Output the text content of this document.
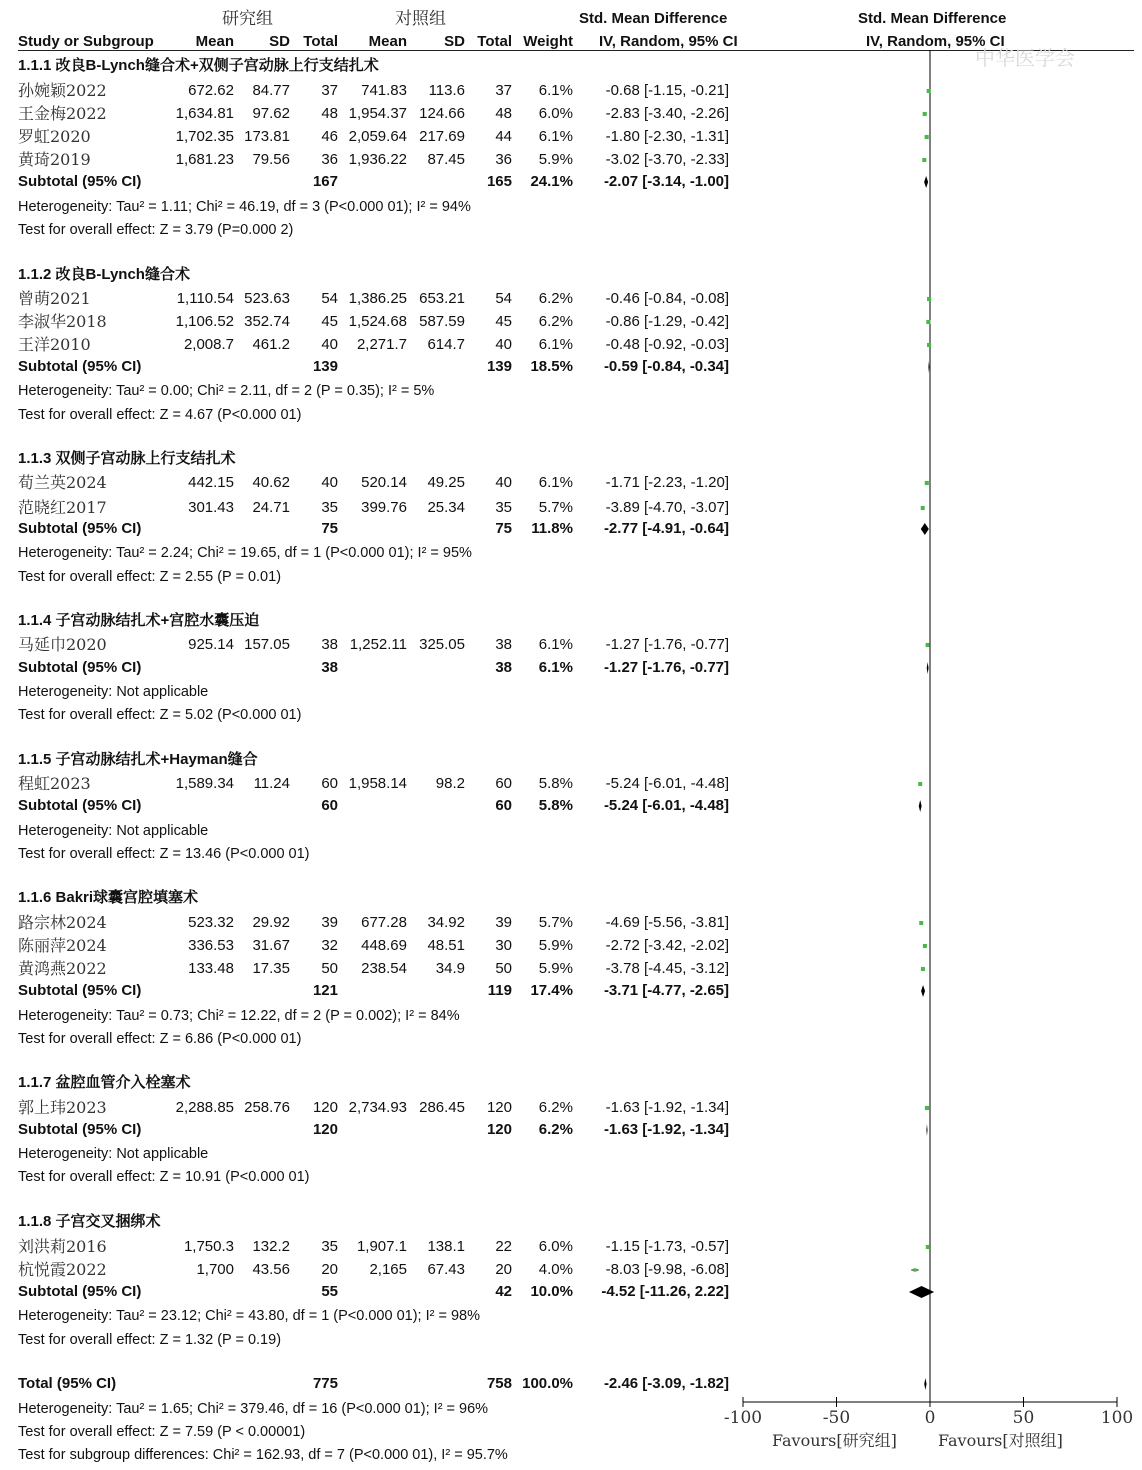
研究组	对照组
Study or Subgroup	Mean SD Total Mean SD Total Weight
Std. Mean Difference
IV, Random, 95% CI
Std. Mean Difference
IV, Random, 95% CI
中华医学会
1.1.1 改良B-Lynch缝合术+双侧子宫动脉上行支结扎术
孙婉颖2022	672.62 84.77 37 741.83 113.6 37 6.1% -0.68 [-1.15, -0.21]
王金梅2022	1,634.81 97.62 48 1,954.37 124.66 48 6.0% -2.83 [-3.40, -2.26]
罗虹2020	1,702.35 173.81 46 2,059.64 217.69 44 6.1% -1.80 [-2.30, -1.31]
黄琦2019	1,681.23 79.56 36 1,936.22 87.45 36 5.9% -3.02 [-3.70, -2.33]
Subtotal (95% CI)	167	165 24.1% -2.07 [-3.14, -1.00]
Heterogeneity: Tau² = 1.11; Chi² = 46.19, df = 3 (P<0.000 01); I² = 94%
Test for overall effect: Z = 3.79 (P=0.000 2)
1.1.2 改良B-Lynch缝合术
曾萌2021	1,110.54 523.63 54 1,386.25 653.21 54 6.2% -0.46 [-0.84, -0.08]
李淑华2018	1,106.52 352.74 45 1,524.68 587.59 45 6.2% -0.86 [-1.29, -0.42]
王洋2010	2,008.7 461.2 40 2,271.7 614.7 40 6.1% -0.48 [-0.92, -0.03]
Subtotal (95% CI)	139	139 18.5% -0.59 [-0.84, -0.34]
Heterogeneity: Tau² = 0.00; Chi² = 2.11, df = 2 (P = 0.35); I² = 5%
Test for overall effect: Z = 4.67 (P<0.000 01)
1.1.3 双侧子宫动脉上行支结扎术
荀兰英2024	442.15 40.62 40 520.14 49.25 40 6.1% -1.71 [-2.23, -1.20]
范晓红2017	301.43 24.71 35 399.76 25.34 35 5.7% -3.89 [-4.70, -3.07]
Subtotal (95% CI)	75	75 11.8% -2.77 [-4.91, -0.64]
Heterogeneity: Tau² = 2.24; Chi² = 19.65, df = 1 (P<0.000 01); I² = 95%
Test for overall effect: Z = 2.55 (P = 0.01)
1.1.4 子宫动脉结扎术+宫腔水囊压迫
马延巾2020	925.14 157.05 38 1,252.11 325.05 38 6.1% -1.27 [-1.76, -0.77]
Subtotal (95% CI)	38	38 6.1% -1.27 [-1.76, -0.77]
Heterogeneity: Not applicable
Test for overall effect: Z = 5.02 (P<0.000 01)
1.1.5 子宫动脉结扎术+Hayman缝合
程虹2023	1,589.34 11.24 60 1,958.14 98.2 60 5.8% -5.24 [-6.01, -4.48]
Subtotal (95% CI)	60	60 5.8% -5.24 [-6.01, -4.48]
Heterogeneity: Not applicable
Test for overall effect: Z = 13.46 (P<0.000 01)
1.1.6 Bakri球囊宫腔填塞术
路宗林2024	523.32 29.92 39 677.28 34.92 39 5.7% -4.69 [-5.56, -3.81]
陈丽萍2024	336.53 31.67 32 448.69 48.51 30 5.9% -2.72 [-3.42, -2.02]
黄鸿燕2022	133.48 17.35 50 238.54 34.9 50 5.9% -3.78 [-4.45, -3.12]
Subtotal (95% CI)	121	119 17.4% -3.71 [-4.77, -2.65]
Heterogeneity: Tau² = 0.73; Chi² = 12.22, df = 2 (P = 0.002); I² = 84%
Test for overall effect: Z = 6.86 (P<0.000 01)
1.1.7 盆腔血管介入栓塞术
郭上玮2023	2,288.85 258.76 120 2,734.93 286.45 120 6.2% -1.63 [-1.92, -1.34]
Subtotal (95% CI)	120	120 6.2% -1.63 [-1.92, -1.34]
Heterogeneity: Not applicable
Test for overall effect: Z = 10.91 (P<0.000 01)
1.1.8 子宫交叉捆绑术
刘洪莉2016	1,750.3 132.2 35 1,907.1 138.1 22 6.0% -1.15 [-1.73, -0.57]
杭悦霞2022	1,700 43.56 20 2,165 67.43 20 4.0% -8.03 [-9.98, -6.08]
Subtotal (95% CI)	55	42 10.0% -4.52 [-11.26, 2.22]
Heterogeneity: Tau² = 23.12; Chi² = 43.80, df = 1 (P<0.000 01); I² = 98%
Test for overall effect: Z = 1.32 (P = 0.19)
Total (95% CI)	775	758 100.0% -2.46 [-3.09, -1.82]
Heterogeneity: Tau² = 1.65; Chi² = 379.46, df = 16 (P<0.000 01); I² = 96%
Test for overall effect: Z = 7.59 (P < 0.00001)
Test for subgroup differences: Chi² = 162.93, df = 7 (P<0.000 01), I² = 95.7%
-100	-50	0	50	100
Favours[研究组]	Favours[对照组]
